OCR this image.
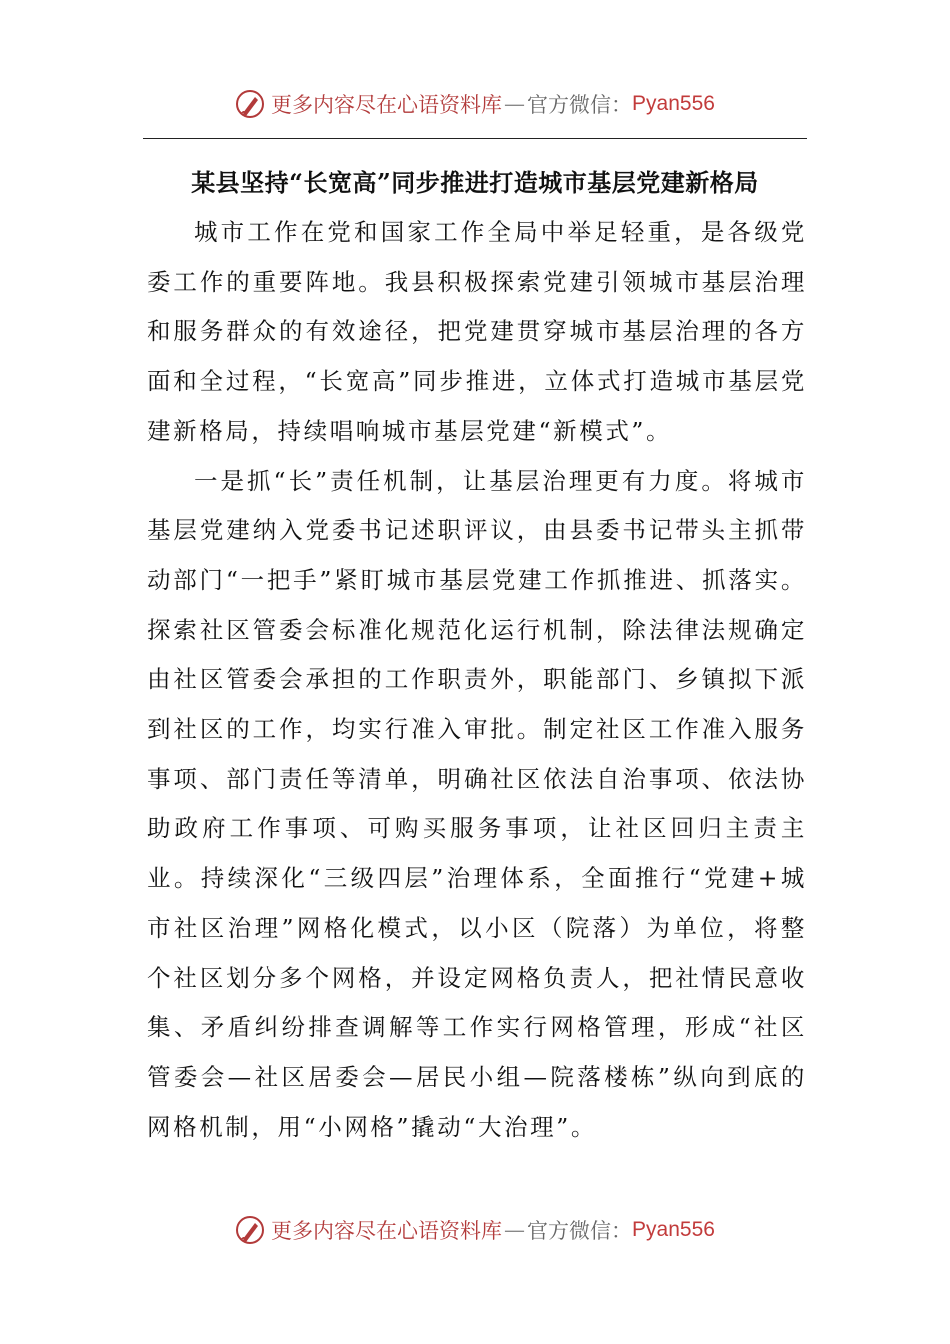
更多内容尽在心语资料库 — 官方微信： Pyan556
某县坚持“长宽高”同步推进打造城市基层党建新格局

城市工作在党和国家工作全局中举足轻重，是各级党委工作的重要阵地。我县积极探索党建引领城市基层治理和服务群众的有效途径，把党建贯穿城市基层治理的各方面和全过程，“长宽高”同步推进，立体式打造城市基层党建新格局，持续唱响城市基层党建“新模式”。

一是抓“长”责任机制，让基层治理更有力度。将城市基层党建纳入党委书记述职评议，由县委书记带头主抓带动部门“一把手”紧盯城市基层党建工作抓推进、抓落实。探索社区管委会标准化规范化运行机制，除法律法规确定由社区管委会承担的工作职责外，职能部门、乡镇拟下派到社区的工作，均实行准入审批。制定社区工作准入服务事项、部门责任等清单，明确社区依法自治事项、依法协助政府工作事项、可购买服务事项，让社区回归主责主业。持续深化“三级四层”治理体系，全面推行“党建+城市社区治理”网格化模式，以小区（院落）为单位，将整个社区划分多个网格，并设定网格负责人，把社情民意收集、矛盾纠纷排查调解等工作实行网格管理，形成“社区管委会—社区居委会—居民小组—院落楼栋”纵向到底的网格机制，用“小网格”撬动“大治理”。

更多内容尽在心语资料库 — 官方微信： Pyan556
